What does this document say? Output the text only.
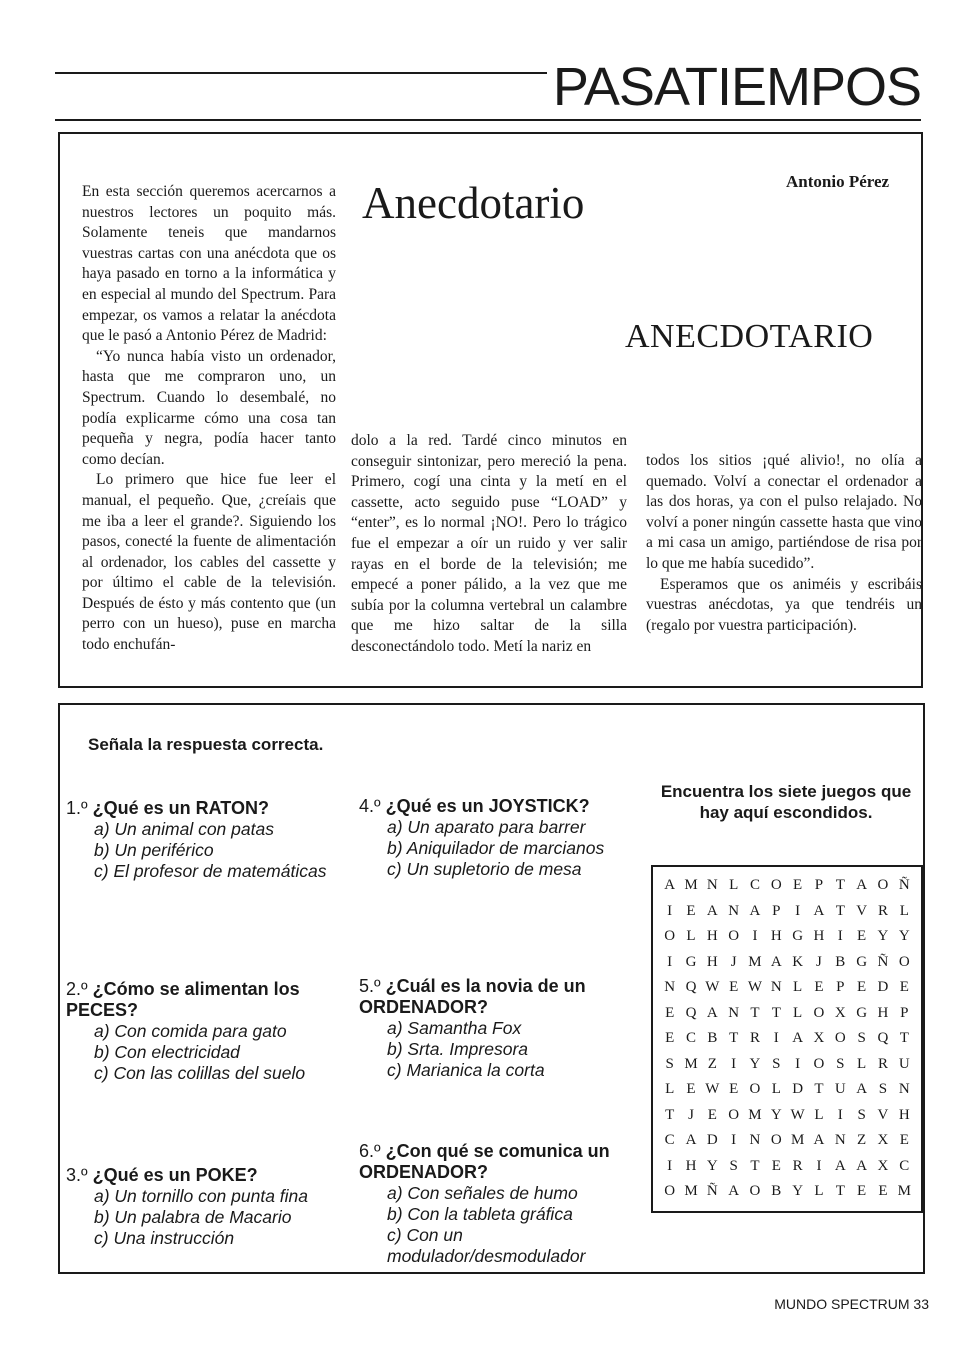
PASATIEMPOS

En esta sección queremos acercarnos a nuestros lectores un poquito más. Solamente teneis que mandarnos vuestras cartas con una anécdota que os haya pasado en torno a la informática y en especial al mundo del Spectrum. Para empezar, os vamos a relatar la anécdota que le pasó a Antonio Pérez de Madrid:

“Yo nunca había visto un ordenador, hasta que me compraron uno, un Spectrum. Cuando lo desembalé, no podía explicarme cómo una cosa tan pequeña y negra, podía hacer tanto como decían.

Lo primero que hice fue leer el manual, el pequeño. Que, ¿creíais que me iba a leer el grande?. Siguiendo los pasos, conecté la fuente de alimentación al ordenador, los cables del cassette y por último el cable de la televisión. Después de ésto y más contento que (un perro con un hueso), puse en marcha todo enchufán-

Anecdotario	Antonio Pérez
ANECDOTARIO

dolo a la red. Tardé cinco minutos en conseguir sintonizar, pero mereció la pena. Primero, cogí una cinta y la metí en el cassette, acto seguido puse “LOAD” y “enter”, es lo normal ¡NO!. Pero lo trágico fue el empezar a oír un ruido y ver salir rayas en el borde de la televisión; me empecé a poner pálido, a la vez que me subía por la columna vertebral un calambre que me hizo saltar de la silla desconectándolo todo. Metí la nariz en

todos los sitios ¡qué alivio!, no olía a quemado. Volví a conectar el ordenador a las dos horas, ya con el pulso relajado. No volví a poner ningún cassette hasta que vino a mi casa un amigo, partiéndose de risa por lo que me había sucedido”.

Esperamos que os animéis y escribáis vuestras anécdotas, ya que tendréis un (regalo por vuestra participación).

Señala la respuesta correcta.
1.º ¿Qué es un RATON?
a) Un animal con patas
b) Un periférico
c) El profesor de matemáticas
2.º ¿Cómo se alimentan los PECES?
a) Con comida para gato
b) Con electricidad
c) Con las colillas del suelo
3.º ¿Qué es un POKE?
a) Un tornillo con punta fina
b) Un palabra de Macario
c) Una instrucción
4.º ¿Qué es un JOYSTICK?
a) Un aparato para barrer
b) Aniquilador de marcianos
c) Un supletorio de mesa
5.º ¿Cuál es la novia de un ORDENADOR?
a) Samantha Fox
b) Srta. Impresora
c) Marianica la corta
6.º ¿Con qué se comunica un ORDENADOR?
a) Con señales de humo
b) Con la tableta gráfica
c) Con un modulador/desmodulador
Encuentra los siete juegos que hay aquí escondidos.
A M N L C O E P T A O Ñ
I E A N A P I A T V R L
O L H O I H G H I E Y Y
I G H J M A K J B G Ñ O
N Q W E W N L E P E D E
E Q A N T T L O X G H P
E C B T R I A X O S Q T
S M Z I Y S I O S L R U
L E W E O L D T U A S N
T J E O M Y W L I S V H
C A D I N O M A N Z X E
I H Y S T E R I A A X C
O M Ñ A O B Y L T E E M
MUNDO SPECTRUM 33
